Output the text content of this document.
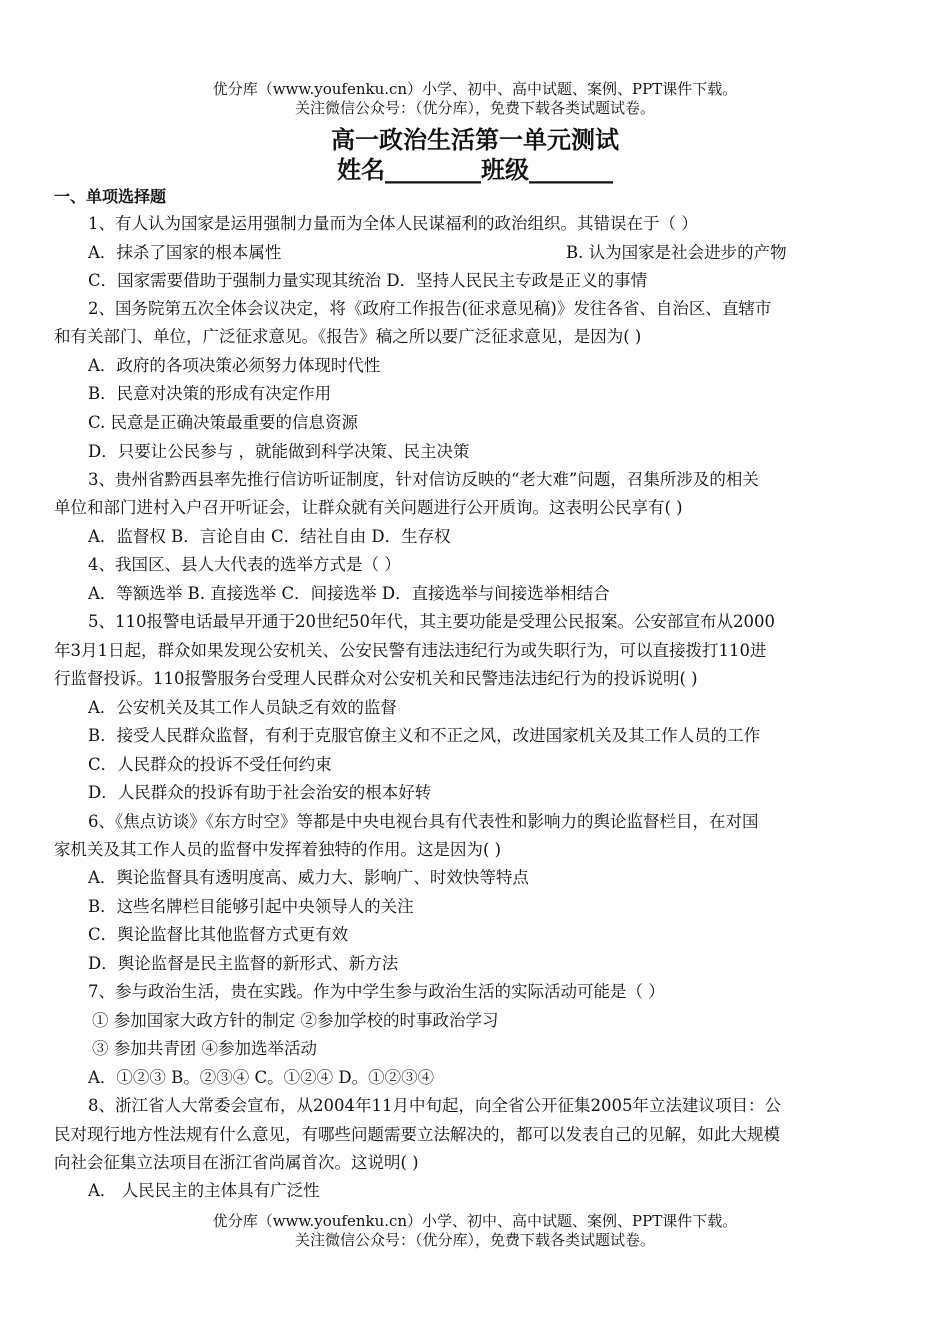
优分库（www.youfenku.cn）小学、初中、高中试题、案例、PPT课件下载。
关注微信公众号：（优分库），免费下载各类试题试卷。
高一政治生活第一单元测试
姓名________班级_______
一、单项选择题
1、有人认为国家是运用强制力量而为全体人民谋福利的政治组织。其错误在于（ ）
A．抹杀了国家的根本属性	B. 认为国家是社会进步的产物
C．国家需要借助于强制力量实现其统治 D．坚持人民民主专政是正义的事情
2、国务院第五次全体会议决定，将《政府工作报告(征求意见稿)》发往各省、自治区、直辖市
和有关部门、单位，广泛征求意见。《报告》稿之所以要广泛征求意见，是因为( )
A．政府的各项决策必须努力体现时代性
B．民意对决策的形成有决定作用
C. 民意是正确决策最重要的信息资源
D．只要让公民参与 ，就能做到科学决策、民主决策
3、贵州省黔西县率先推行信访听证制度，针对信访反映的“老大难”问题，召集所涉及的相关
单位和部门进村入户召开听证会，让群众就有关问题进行公开质询。这表明公民享有( )
A．监督权 B．言论自由 C．结社自由 D．生存权
4、我国区、县人大代表的选举方式是（ ）
A．等额选举 B. 直接选举 C．间接选举 D．直接选举与间接选举相结合
5、110报警电话最早开通于20世纪50年代，其主要功能是受理公民报案。公安部宣布从2000
年3月1日起，群众如果发现公安机关、公安民警有违法违纪行为或失职行为，可以直接拨打110进
行监督投诉。110报警服务台受理人民群众对公安机关和民警违法违纪行为的投诉说明( )
A．公安机关及其工作人员缺乏有效的监督
B．接受人民群众监督，有利于克服官僚主义和不正之风，改进国家机关及其工作人员的工作
C．人民群众的投诉不受任何约束
D．人民群众的投诉有助于社会治安的根本好转
6、《焦点访谈》《东方时空》等都是中央电视台具有代表性和影响力的舆论监督栏目，在对国
家机关及其工作人员的监督中发挥着独特的作用。这是因为( )
A．舆论监督具有透明度高、威力大、影响广、时效快等特点
B．这些名牌栏目能够引起中央领导人的关注
C．舆论监督比其他监督方式更有效
D．舆论监督是民主监督的新形式、新方法
7、参与政治生活，贵在实践。作为中学生参与政治生活的实际活动可能是（ ）
① 参加国家大政方针的制定 ②参加学校的时事政治学习
③ 参加共青团 ④参加选举活动
A．①②③ B。②③④ C。①②④ D。①②③④
8、浙江省人大常委会宣布，从2004年11月中旬起，向全省公开征集2005年立法建议项目：公
民对现行地方性法规有什么意见，有哪些问题需要立法解决的，都可以发表自己的见解，如此大规模
向社会征集立法项目在浙江省尚属首次。这说明( )
A． 人民民主的主体具有广泛性
优分库（www.youfenku.cn）小学、初中、高中试题、案例、PPT课件下载。
关注微信公众号：（优分库），免费下载各类试题试卷。
